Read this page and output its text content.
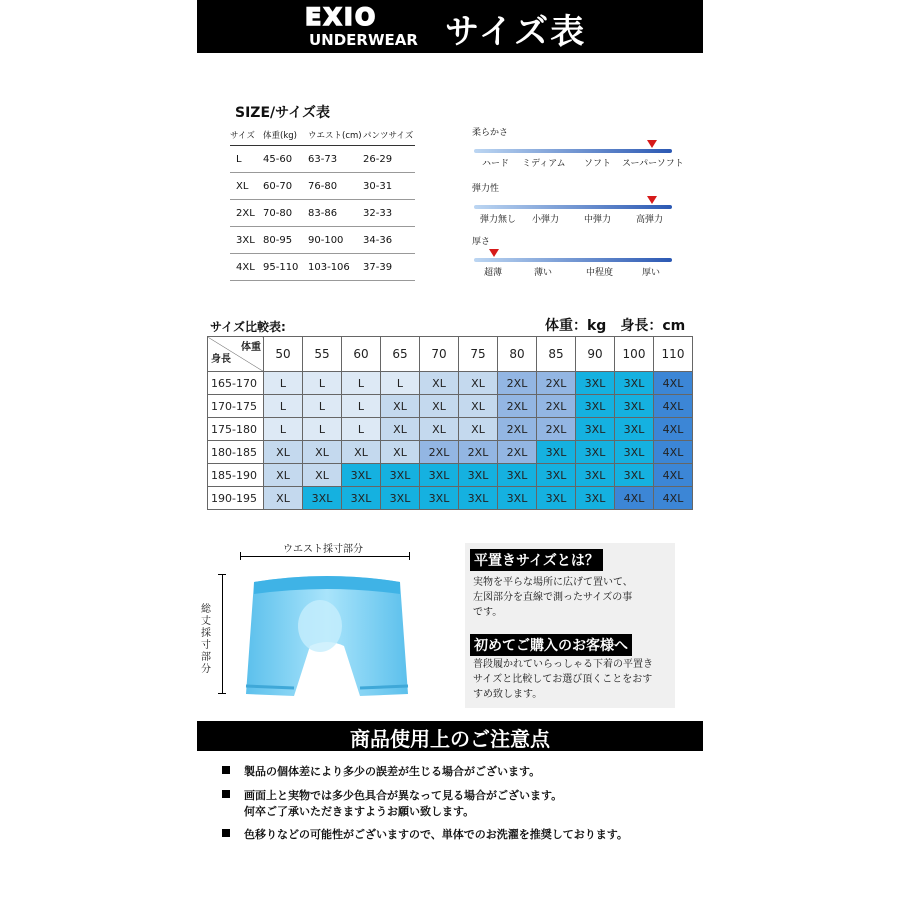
EXIO
UNDERWEAR サイズ表
SIZE/サイズ表
サイズ	体重(kg)	ウエスト(cm)	パンツサイズ
L	45-60	63-73	26-29
XL	60-70	76-80	30-31
2XL	70-80	83-86	32-33
3XL	80-95	90-100	34-36
4XL	95-110	103-106	37-39
柔らかさ
ハード ミディアム ソフト スーパーソフト
弾力性
弾力無し 小弾力	中弾力	高弾力
厚さ
超薄	薄い	中程度	厚い
サイズ比較表:	体重：kg　身長：cm
体重
身長	50	55	60	65	70	75	80	85	90	100	110
165-170	L	L	L	L	XL	XL	2XL	2XL	3XL	3XL	4XL
170-175	L	L	L	XL	XL	XL	2XL	2XL	3XL	3XL	4XL
175-180	L	L	L	XL	XL	XL	2XL	2XL	3XL	3XL	4XL
180-185	XL	XL	XL	XL	2XL	2XL	2XL	3XL	3XL	3XL	4XL
185-190	XL	XL	3XL	3XL	3XL	3XL	3XL	3XL	3XL	3XL	4XL
190-195	XL	3XL	3XL	3XL	3XL	3XL	3XL	3XL	3XL	4XL	4XL
ウエスト採寸部分
総丈採寸部分
平置きサイズとは？
実物を平らな場所に広げて置いて、
左図部分を直線で測ったサイズの事
です。
初めてご購入のお客様へ
普段履かれていらっしゃる下着の平置き
サイズと比較してお選び頂くことをおす
すめ致します。
商品使用上のご注意点
製品の個体差により多少の誤差が生じる場合がございます。
画面上と実物では多少色具合が異なって見る場合がございます。
何卒ご了承いただきますようお願い致します。
色移りなどの可能性がございますので、単体でのお洗濯を推奨しております。
